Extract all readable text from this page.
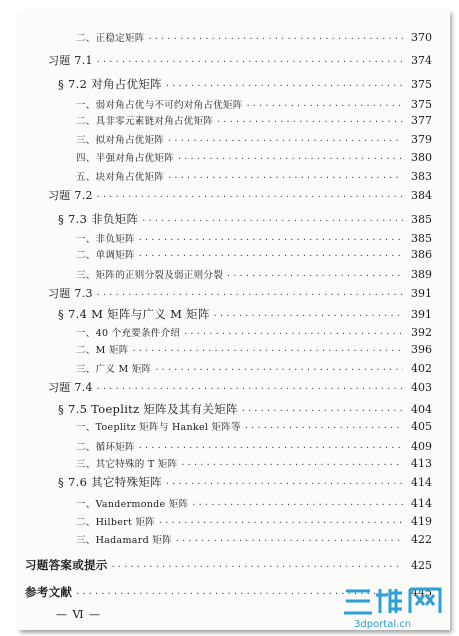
二、正稳定矩阵 ·····	370
习题 7.1 ·····	374
§ 7.2 对角占优矩阵 ·····	375
一、弱对角占优与不可约对角占优矩阵 ·····	375
二、具非零元素链对角占优矩阵 ·····	377
三、拟对角占优矩阵 ·····	379
四、半强对角占优矩阵 ·····	380
五、块对角占优矩阵 ·····	383
习题 7.2 ·····	384
§ 7.3 非负矩阵 ·····	385
一、非负矩阵 ·····	385
二、单调矩阵 ·····	386
三、矩阵的正则分裂及弱正则分裂 ·····	389
习题 7.3 ·····	391
§ 7.4 M 矩阵与广义 M 矩阵 ·····	391
一、40 个充要条件介绍 ·····	392
二、M 矩阵 ·····	396
三、广义 M 矩阵 ·····	402
习题 7.4 ·····	403
§ 7.5 Toeplitz 矩阵及其有关矩阵 ·····	404
一、Toeplitz 矩阵与 Hankel 矩阵等 ·····	405
二、循环矩阵 ·····	409
三、其它特殊的 T 矩阵 ·····	413
§ 7.6 其它特殊矩阵 ·····	414
一、Vandermonde 矩阵 ·····	414
二、Hilbert 矩阵 ·····	419
三、Hadamard 矩阵 ·····	422
习题答案或提示 ·····	425
参考文献 ·····	445
— Ⅵ —
3dportal.cn
